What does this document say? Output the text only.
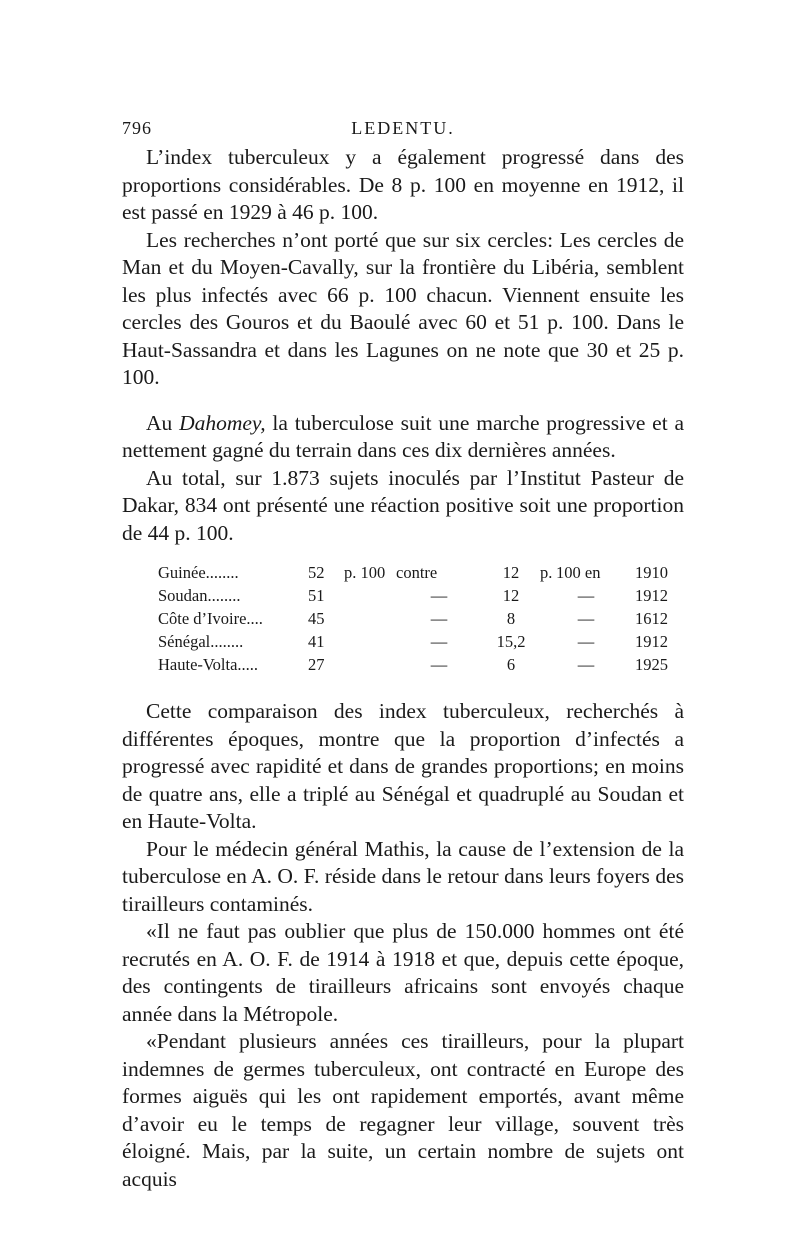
796	LEDENTU.

L’index tuberculeux y a également progressé dans des proportions considérables. De 8 p. 100 en moyenne en 1912, il est passé en 1929 à 46 p. 100.

Les recherches n’ont porté que sur six cercles: Les cercles de Man et du Moyen-Cavally, sur la frontière du Libéria, semblent les plus infectés avec 66 p. 100 chacun. Viennent ensuite les cercles des Gouros et du Baoulé avec 60 et 51 p. 100. Dans le Haut-Sassandra et dans les Lagunes on ne note que 30 et 25 p. 100.

Au Dahomey, la tuberculose suit une marche progressive et a nettement gagné du terrain dans ces dix dernières années.

Au total, sur 1.873 sujets inoculés par l’Institut Pasteur de Dakar, 834 ont présenté une réaction positive soit une proportion de 44 p. 100.

Guinée........	52	p. 100	contre	12	p.	100 en	1910
Soudan........	51		—	12		—	1912
Côte d’Ivoire....	45		—	8		—	1612
Sénégal........	41		—	15,2		—	1912
Haute-Volta.....	27		—	6		—	1925

Cette comparaison des index tuberculeux, recherchés à différentes époques, montre que la proportion d’infectés a progressé avec rapidité et dans de grandes proportions; en moins de quatre ans, elle a triplé au Sénégal et quadruplé au Soudan et en Haute-Volta.

Pour le médecin général Mathis, la cause de l’extension de la tuberculose en A. O. F. réside dans le retour dans leurs foyers des tirailleurs contaminés.

«Il ne faut pas oublier que plus de 150.000 hommes ont été recrutés en A. O. F. de 1914 à 1918 et que, depuis cette époque, des contingents de tirailleurs africains sont envoyés chaque année dans la Métropole.

«Pendant plusieurs années ces tirailleurs, pour la plupart indemnes de germes tuberculeux, ont contracté en Europe des formes aiguës qui les ont rapidement emportés, avant même d’avoir eu le temps de regagner leur village, souvent très éloigné. Mais, par la suite, un certain nombre de sujets ont acquis
